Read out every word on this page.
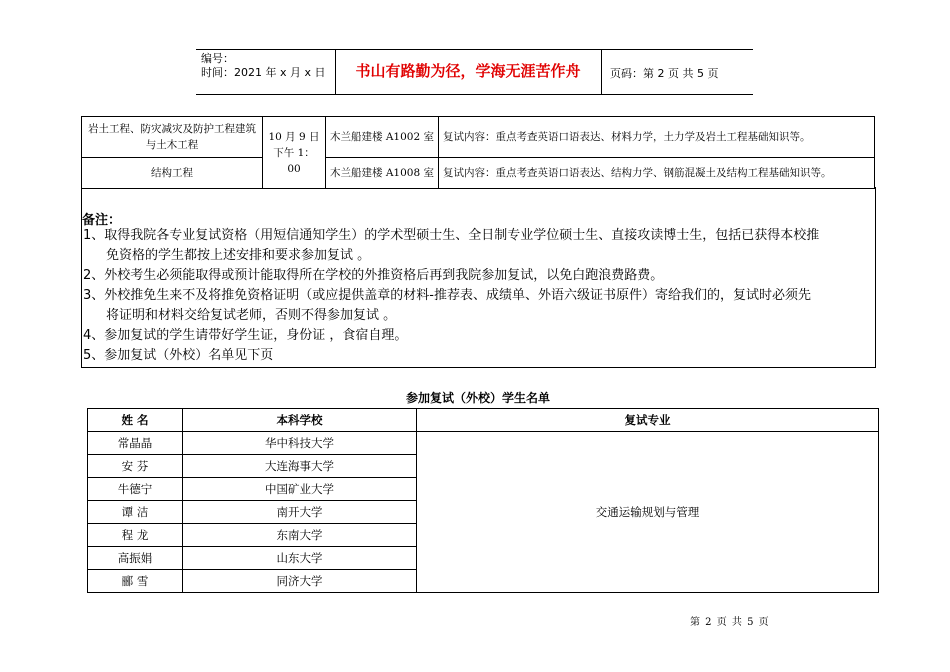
编号：
时间：2021 年 x 月 x 日	书山有路勤为径，学海无涯苦作舟	页码：第 2 页 共 5 页
岩土工程、防灾减灾及防护工程建筑与土木工程	10 月 9 日下午 1：00	木兰船建楼 A1002 室	复试内容：重点考查英语口语表达、材料力学，土力学及岩土工程基础知识等。
结构工程		木兰船建楼 A1008 室	复试内容：重点考查英语口语表达、结构力学、钢筋混凝土及结构工程基础知识等。
备注：
1、取得我院各专业复试资格（用短信通知学生）的学术型硕士生、全日制专业学位硕士生、直接攻读博士生，包括已获得本校推
免资格的学生都按上述安排和要求参加复试 。
2、外校考生必须能取得或预计能取得所在学校的外推资格后再到我院参加复试，以免白跑浪费路费。
3、外校推免生来不及将推免资格证明（或应提供盖章的材料-推荐表、成绩单、外语六级证书原件）寄给我们的，复试时必须先
将证明和材料交给复试老师，否则不得参加复试 。
4、参加复试的学生请带好学生证，身份证 ，食宿自理。
5、参加复试（外校）名单见下页
参加复试（外校）学生名单
姓 名	本科学校	复试专业
常晶晶	华中科技大学	交通运输规划与管理
安 芬	大连海事大学	
牛德宁	中国矿业大学	
谭 洁	南开大学	
程 龙	东南大学	
高振娟	山东大学	
郦 雪	同济大学	
第 2 页 共 5 页
